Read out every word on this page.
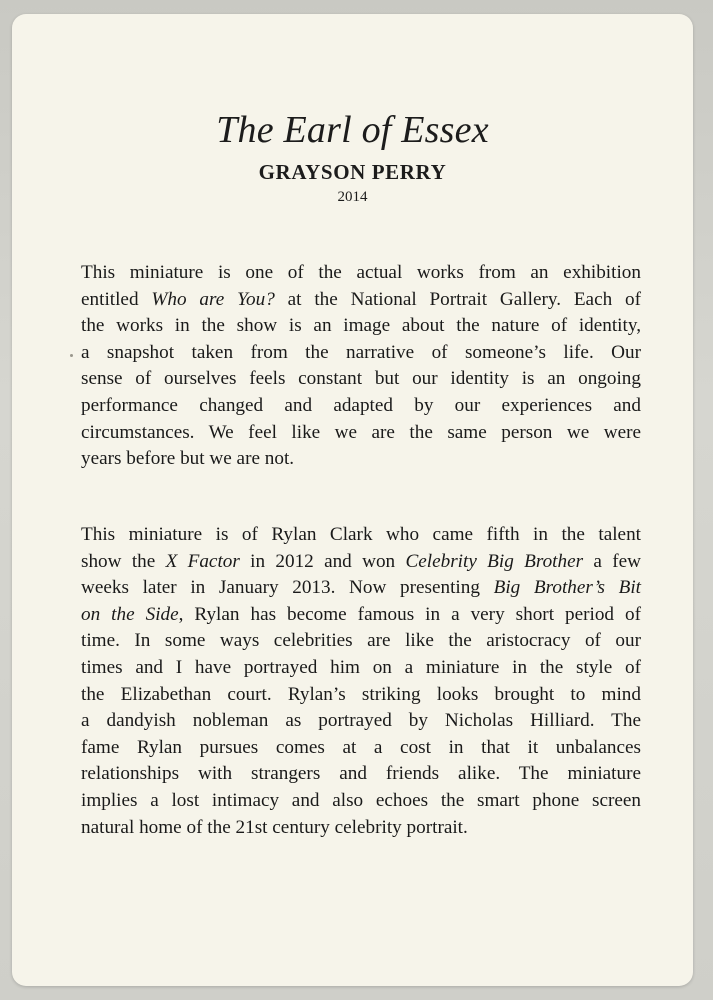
The Earl of Essex
GRAYSON PERRY
2014

This miniature is one of the actual works from an exhibition
entitled Who are You? at the National Portrait Gallery. Each of
the works in the show is an image about the nature of identity,
a snapshot taken from the narrative of someone’s life. Our
sense of ourselves feels constant but our identity is an ongoing
performance changed and adapted by our experiences and
circumstances. We feel like we are the same person we were
years before but we are not.

This miniature is of Rylan Clark who came fifth in the talent
show the X Factor in 2012 and won Celebrity Big Brother a few
weeks later in January 2013. Now presenting Big Brother’s Bit
on the Side, Rylan has become famous in a very short period of
time. In some ways celebrities are like the aristocracy of our
times and I have portrayed him on a miniature in the style of
the Elizabethan court. Rylan’s striking looks brought to mind
a dandyish nobleman as portrayed by Nicholas Hilliard. The
fame Rylan pursues comes at a cost in that it unbalances
relationships with strangers and friends alike. The miniature
implies a lost intimacy and also echoes the smart phone screen
natural home of the 21st century celebrity portrait.
